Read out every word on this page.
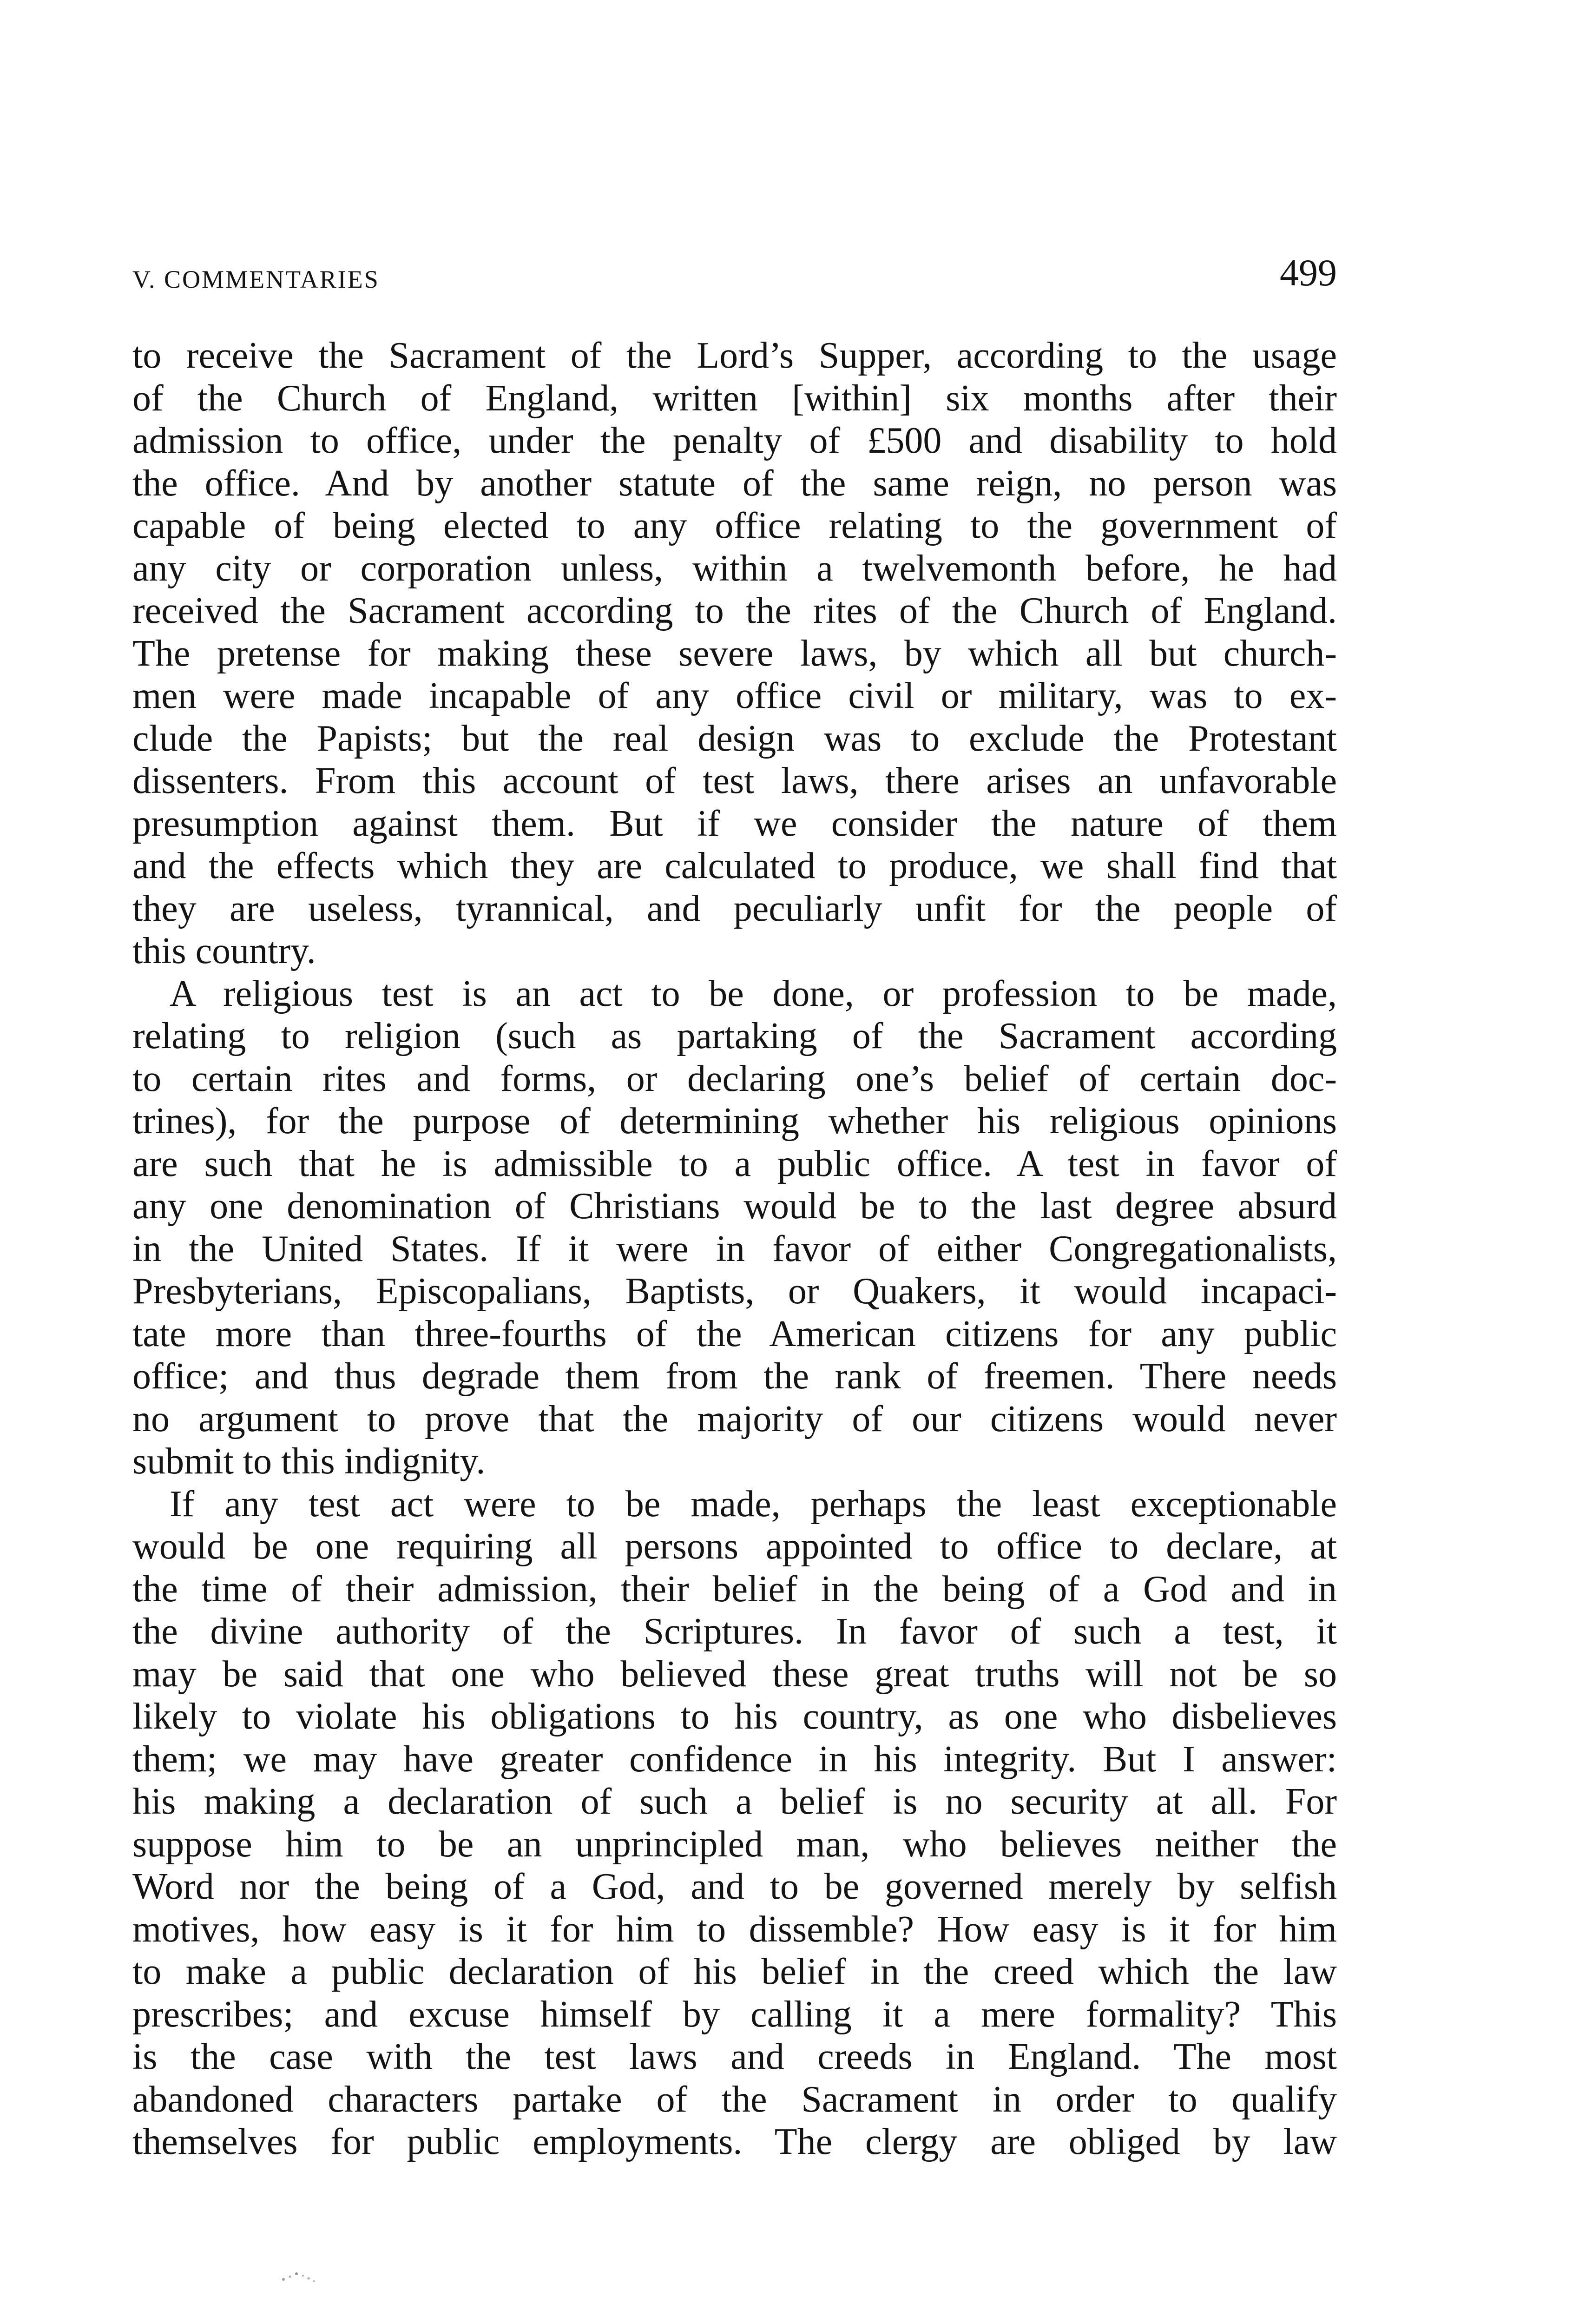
V. COMMENTARIES	499

to receive the Sacrament of the Lord’s Supper, according to the usage
of the Church of England, written [within] six months after their
admission to office, under the penalty of £500 and disability to hold
the office. And by another statute of the same reign, no person was
capable of being elected to any office relating to the government of
any city or corporation unless, within a twelvemonth before, he had
received the Sacrament according to the rites of the Church of England.
The pretense for making these severe laws, by which all but church-
men were made incapable of any office civil or military, was to ex-
clude the Papists; but the real design was to exclude the Protestant
dissenters. From this account of test laws, there arises an unfavorable
presumption against them. But if we consider the nature of them
and the effects which they are calculated to produce, we shall find that
they are useless, tyrannical, and peculiarly unfit for the people of
this country.

A religious test is an act to be done, or profession to be made,
relating to religion (such as partaking of the Sacrament according
to certain rites and forms, or declaring one’s belief of certain doc-
trines), for the purpose of determining whether his religious opinions
are such that he is admissible to a public office. A test in favor of
any one denomination of Christians would be to the last degree absurd
in the United States. If it were in favor of either Congregationalists,
Presbyterians, Episcopalians, Baptists, or Quakers, it would incapaci-
tate more than three-fourths of the American citizens for any public
office; and thus degrade them from the rank of freemen. There needs
no argument to prove that the majority of our citizens would never
submit to this indignity.

If any test act were to be made, perhaps the least exceptionable
would be one requiring all persons appointed to office to declare, at
the time of their admission, their belief in the being of a God and in
the divine authority of the Scriptures. In favor of such a test, it
may be said that one who believed these great truths will not be so
likely to violate his obligations to his country, as one who disbelieves
them; we may have greater confidence in his integrity. But I answer:
his making a declaration of such a belief is no security at all. For
suppose him to be an unprincipled man, who believes neither the
Word nor the being of a God, and to be governed merely by selfish
motives, how easy is it for him to dissemble? How easy is it for him
to make a public declaration of his belief in the creed which the law
prescribes; and excuse himself by calling it a mere formality? This
is the case with the test laws and creeds in England. The most
abandoned characters partake of the Sacrament in order to qualify
themselves for public employments. The clergy are obliged by law
